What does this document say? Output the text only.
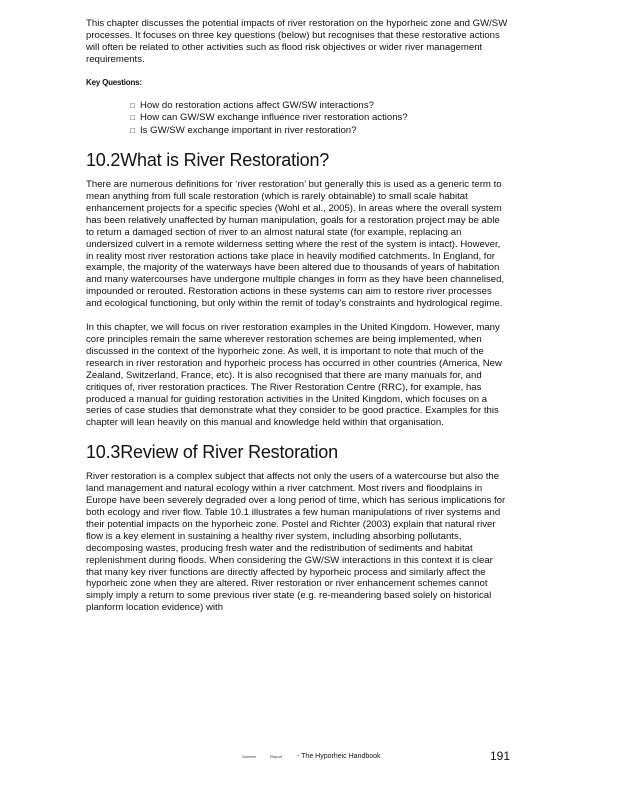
This chapter discusses the potential impacts of river restoration on the hyporheic zone and GW/SW processes. It focuses on three key questions (below) but recognises that these restorative actions will often be related to other activities such as flood risk objectives or wider river management requirements.

Key Questions:

□ How do restoration actions affect GW/SW interactions?
□ How can GW/SW exchange influence river restoration actions?
□ Is GW/SW exchange important in river restoration?
10.2What is River Restoration?

There are numerous definitions for ‘river restoration’ but generally this is used as a generic term to mean anything from full scale restoration (which is rarely obtainable) to small scale habitat enhancement projects for a specific species (Wohl et al., 2005). In areas where the overall system has been relatively unaffected by human manipulation, goals for a restoration project may be able to return a damaged section of river to an almost natural state (for example, replacing an undersized culvert in a remote wilderness setting where the rest of the system is intact). However, in reality most river restoration actions take place in heavily modified catchments. In England, for example, the majority of the waterways have been altered due to thousands of years of habitation and many watercourses have undergone multiple changes in form as they have been channelised, impounded or rerouted. Restoration actions in these systems can aim to restore river processes and ecological functioning, but only within the remit of today’s constraints and hydrological regime.

In this chapter, we will focus on river restoration examples in the United Kingdom. However, many core principles remain the same wherever restoration schemes are being implemented, when discussed in the context of the hyporheic zone. As well, it is important to note that much of the research in river restoration and hyporheic process has occurred in other countries (America, New Zealand, Switzerland, France, etc). It is also recognised that there are many manuals for, and critiques of, river restoration practices. The River Restoration Centre (RRC), for example, has produced a manual for guiding restoration activities in the United Kingdom, which focuses on a series of case studies that demonstrate what they consider to be good practice. Examples for this chapter will lean heavily on this manual and knowledge held within that organisation.

10.3Review of River Restoration

River restoration is a complex subject that affects not only the users of a watercourse but also the land management and natural ecology within a river catchment. Most rivers and floodplains in Europe have been severely degraded over a long period of time, which has serious implications for both ecology and river flow. Table 10.1 illustrates a few human manipulations of river systems and their potential impacts on the hyporheic zone. Postel and Richter (2003) explain that natural river flow is a key element in sustaining a healthy river system, including absorbing pollutants, decomposing wastes, producing fresh water and the redistribution of sediments and habitat replenishment during floods. When considering the GW/SW interactions in this context it is clear that many key river functions are directly affected by hyporheic process and similarly affect the hyporheic zone when they are altered. River restoration or river enhancement schemes cannot simply imply a return to some previous river state (e.g. re-meandering based solely on historical planform location evidence) with

Science	Report - The Hyporheic Handbook	191
